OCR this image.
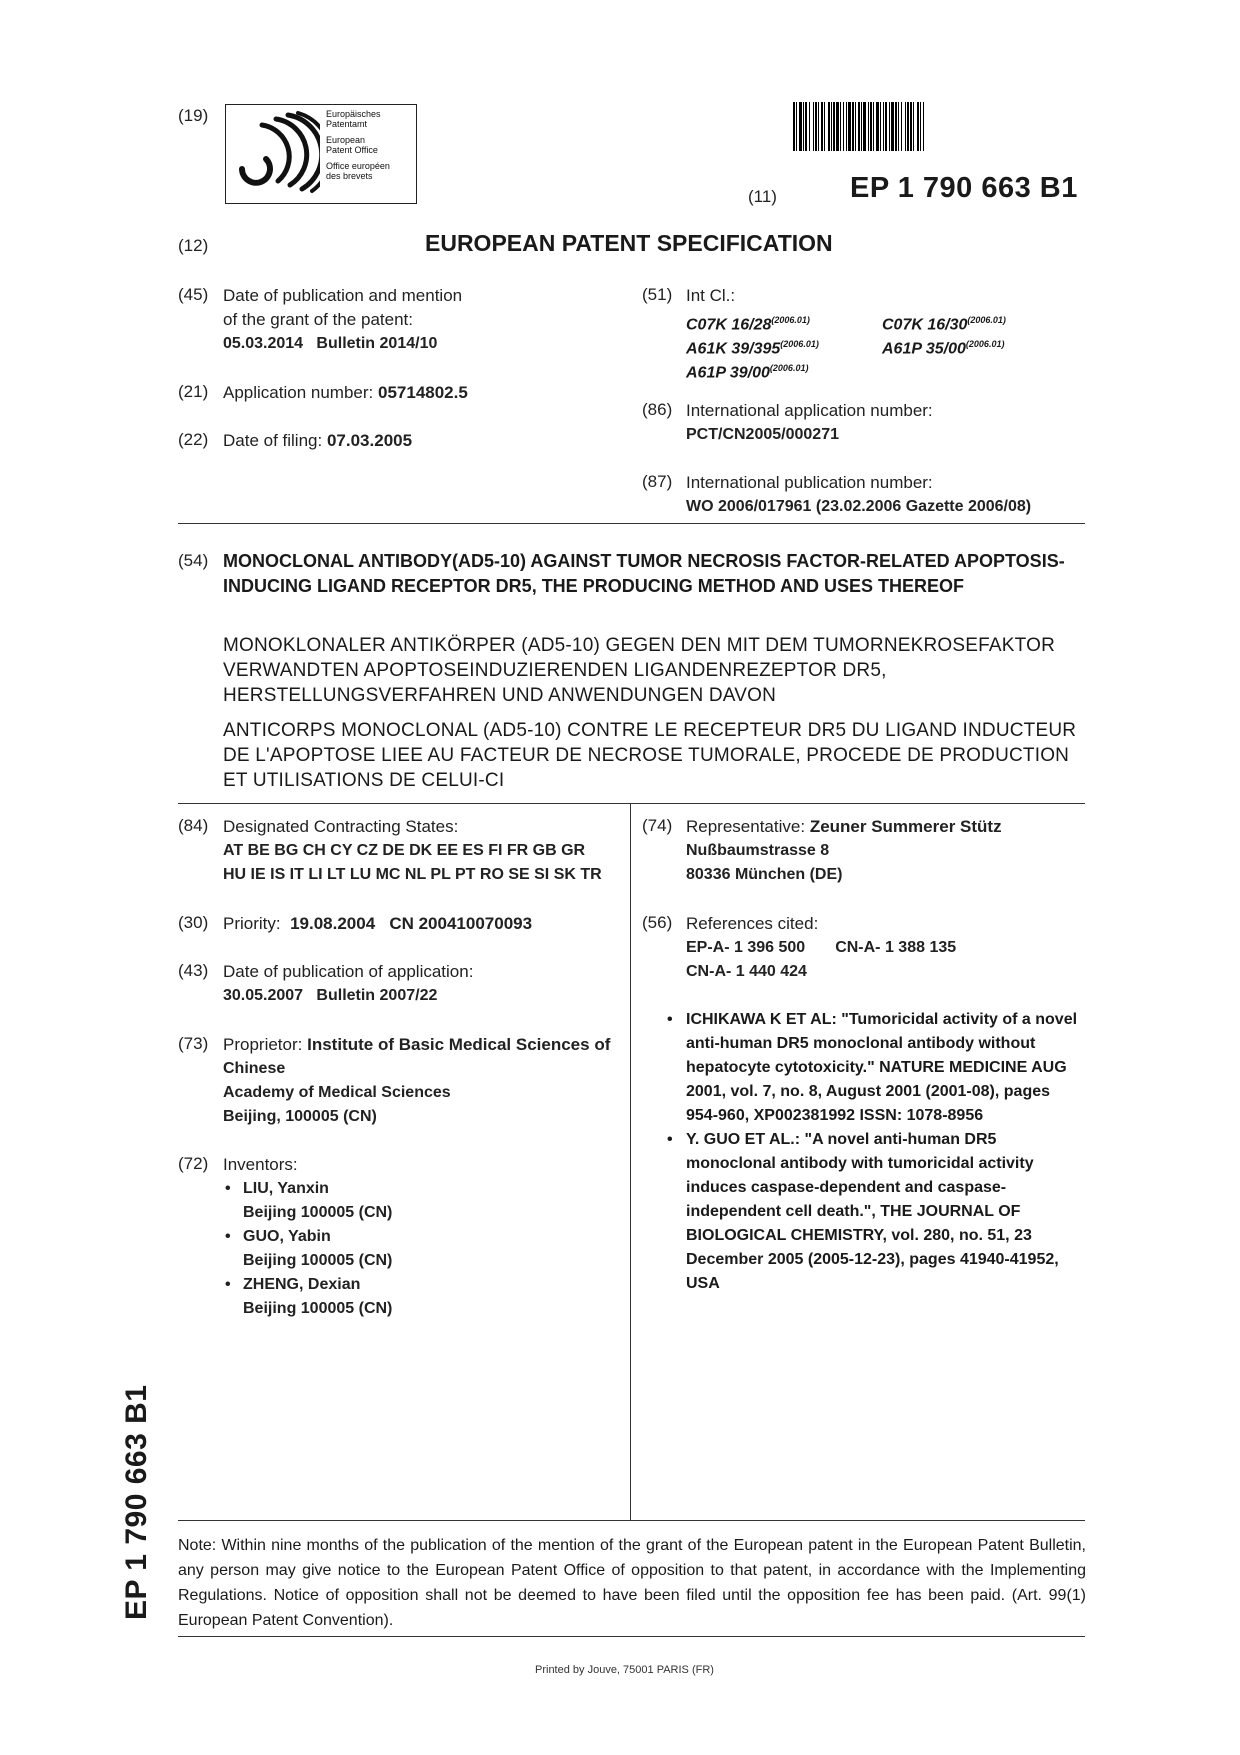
(19)	Europäisches
Patentamt
European
Patent Office
Office européen
des brevets
(11)	EP 1 790 663 B1
(12)	EUROPEAN PATENT SPECIFICATION
(45) Date of publication and mention
of the grant of the patent:
05.03.2014   Bulletin 2014/10
(21) Application number: 05714802.5
(22) Date of filing: 07.03.2005
(51) Int Cl.:
C07K $16/28^{(2006.01)}$	C07K $16/30^{(2006.01)}$
A61K $39/395^{(2006.01)}$	A61P $35/00^{(2006.01)}$
A61P $39/00^{(2006.01)}$
(86) International application number:
PCT/CN2005/000271
(87) International publication number:
WO 2006/017961 (23.02.2006 Gazette 2006/08)
(54) MONOCLONAL ANTIBODY(AD5-10) AGAINST TUMOR NECROSIS FACTOR-RELATED APOPTOSIS-INDUCING LIGAND RECEPTOR DR5, THE PRODUCING METHOD AND USES THEREOF
MONOKLONALER ANTIKÖRPER (AD5-10) GEGEN DEN MIT DEM TUMORNEKROSEFAKTOR VERWANDTEN APOPTOSEINDUZIERENDEN LIGANDENREZEPTOR DR5, HERSTELLUNGSVERFAHREN UND ANWENDUNGEN DAVON
ANTICORPS MONOCLONAL (AD5-10) CONTRE LE RECEPTEUR DR5 DU LIGAND INDUCTEUR DE L'APOPTOSE LIEE AU FACTEUR DE NECROSE TUMORALE, PROCEDE DE PRODUCTION ET UTILISATIONS DE CELUI-CI
(84) Designated Contracting States:
AT BE BG CH CY CZ DE DK EE ES FI FR GB GR
HU IE IS IT LI LT LU MC NL PL PT RO SE SI SK TR
(30) Priority: 19.08.2004   CN 200410070093
(43) Date of publication of application:
30.05.2007   Bulletin 2007/22
(73) Proprietor: Institute of Basic Medical Sciences of
Chinese
Academy of Medical Sciences
Beijing, 100005 (CN)
(72) Inventors:
• LIU, Yanxin
Beijing 100005 (CN)
• GUO, Yabin
Beijing 100005 (CN)
• ZHENG, Dexian
Beijing 100005 (CN)
(74) Representative: Zeuner Summerer Stütz
Nußbaumstrasse 8
80336 München (DE)
(56) References cited:
EP-A- 1 396 500 CN-A- 1 388 135
CN-A- 1 440 424
• ICHIKAWA K ET AL: "Tumoricidal activity of a novel anti-human DR5 monoclonal antibody without hepatocyte cytotoxicity." NATURE MEDICINE AUG 2001, vol. 7, no. 8, August 2001 (2001-08), pages 954-960, XP002381992 ISSN: 1078-8956
• Y. GUO ET AL.: "A novel anti-human DR5 monoclonal antibody with tumoricidal activity induces caspase-dependent and caspase-independent cell death.", THE JOURNAL OF BIOLOGICAL CHEMISTRY, vol. 280, no. 51, 23 December 2005 (2005-12-23), pages 41940-41952, USA
Note: Within nine months of the publication of the mention of the grant of the European patent in the European Patent Bulletin, any person may give notice to the European Patent Office of opposition to that patent, in accordance with the Implementing Regulations. Notice of opposition shall not be deemed to have been filed until the opposition fee has been paid. (Art. 99(1) European Patent Convention).
Printed by Jouve, 75001 PARIS (FR)
EP 1 790 663 B1
